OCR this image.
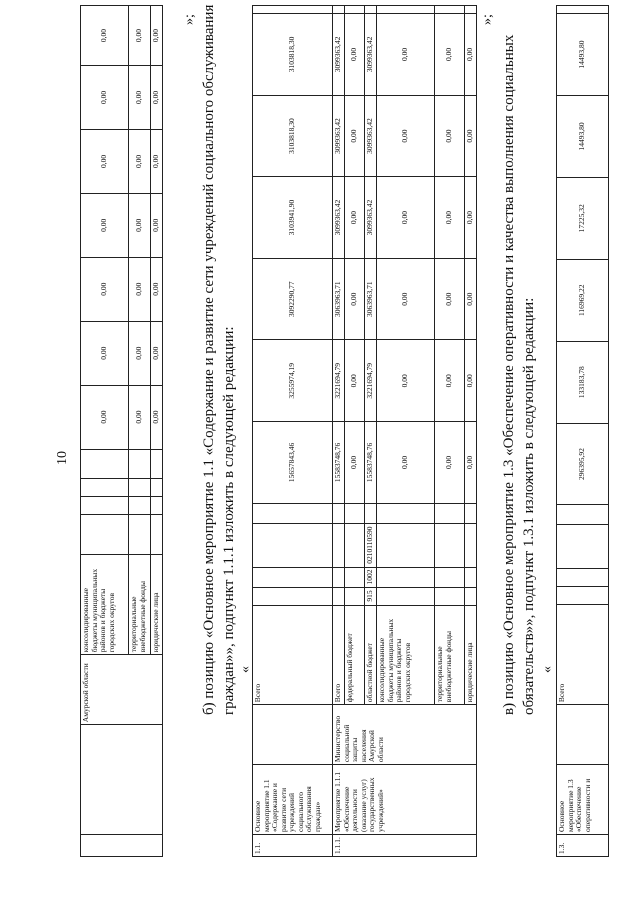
10
		Амурской области	консолидированные бюджеты муниципальных районов и бюджеты городских округов					0,00	0,00	0,00	0,00	0,00	0,00	0,00
			территориальные внебюджетные фонды					0,00	0,00	0,00	0,00	0,00	0,00	0,00
			юридические лица					0,00	0,00	0,00	0,00	0,00	0,00	0,00
»; б) позицию «Основное мероприятие 1.1 «Содержание и развитие сети учреждений социального обслуживания граждан»», подпункт 1.1.1 изложить в следующей редакции: «
1.1.	Основное мероприятие 1.1 «Содержание и развитие сети учреждений социального обслуживания граждан»		Всего					15657843,46	3255974,19	3092290,77	3103941,90	3103818,30	3103818,30	
1.1.1.	Мероприятие 1.1.1 «Обеспечение деятельности (оказание услуг) государственных учреждений»	Министерство социальной защиты населения Амурской области	Всего					15583748,76	3221694,79	3063963,71	3099363,42	3099363,42	3099363,42	
			федеральный бюджет					0,00	0,00	0,00	0,00	0,00	0,00	
			областной бюджет	915	1002	0210110590		15583748,76	3221694,79	3063963,71	3099363,42	3099363,42	3099363,42	
			консолидированные бюджеты муниципальных районов и бюджеты городских округов					0,00	0,00	0,00	0,00	0,00	0,00	
			территориальные внебюджетные фонды					0,00	0,00	0,00	0,00	0,00	0,00	
			юридические лица					0,00	0,00	0,00	0,00	0,00	0,00	
»;
в) позицию «Основное мероприятие 1.3 «Обеспечение оперативности и качества выполнения социальных обязательств»», подпункт 1.3.1 изложить в следующей редакции: «
1.3.	Основное мероприятие 1.3 «Обеспечение оперативности и		Всего					296395,92	133183,78	116969,22	17225,32	14493,80	14493,80	
